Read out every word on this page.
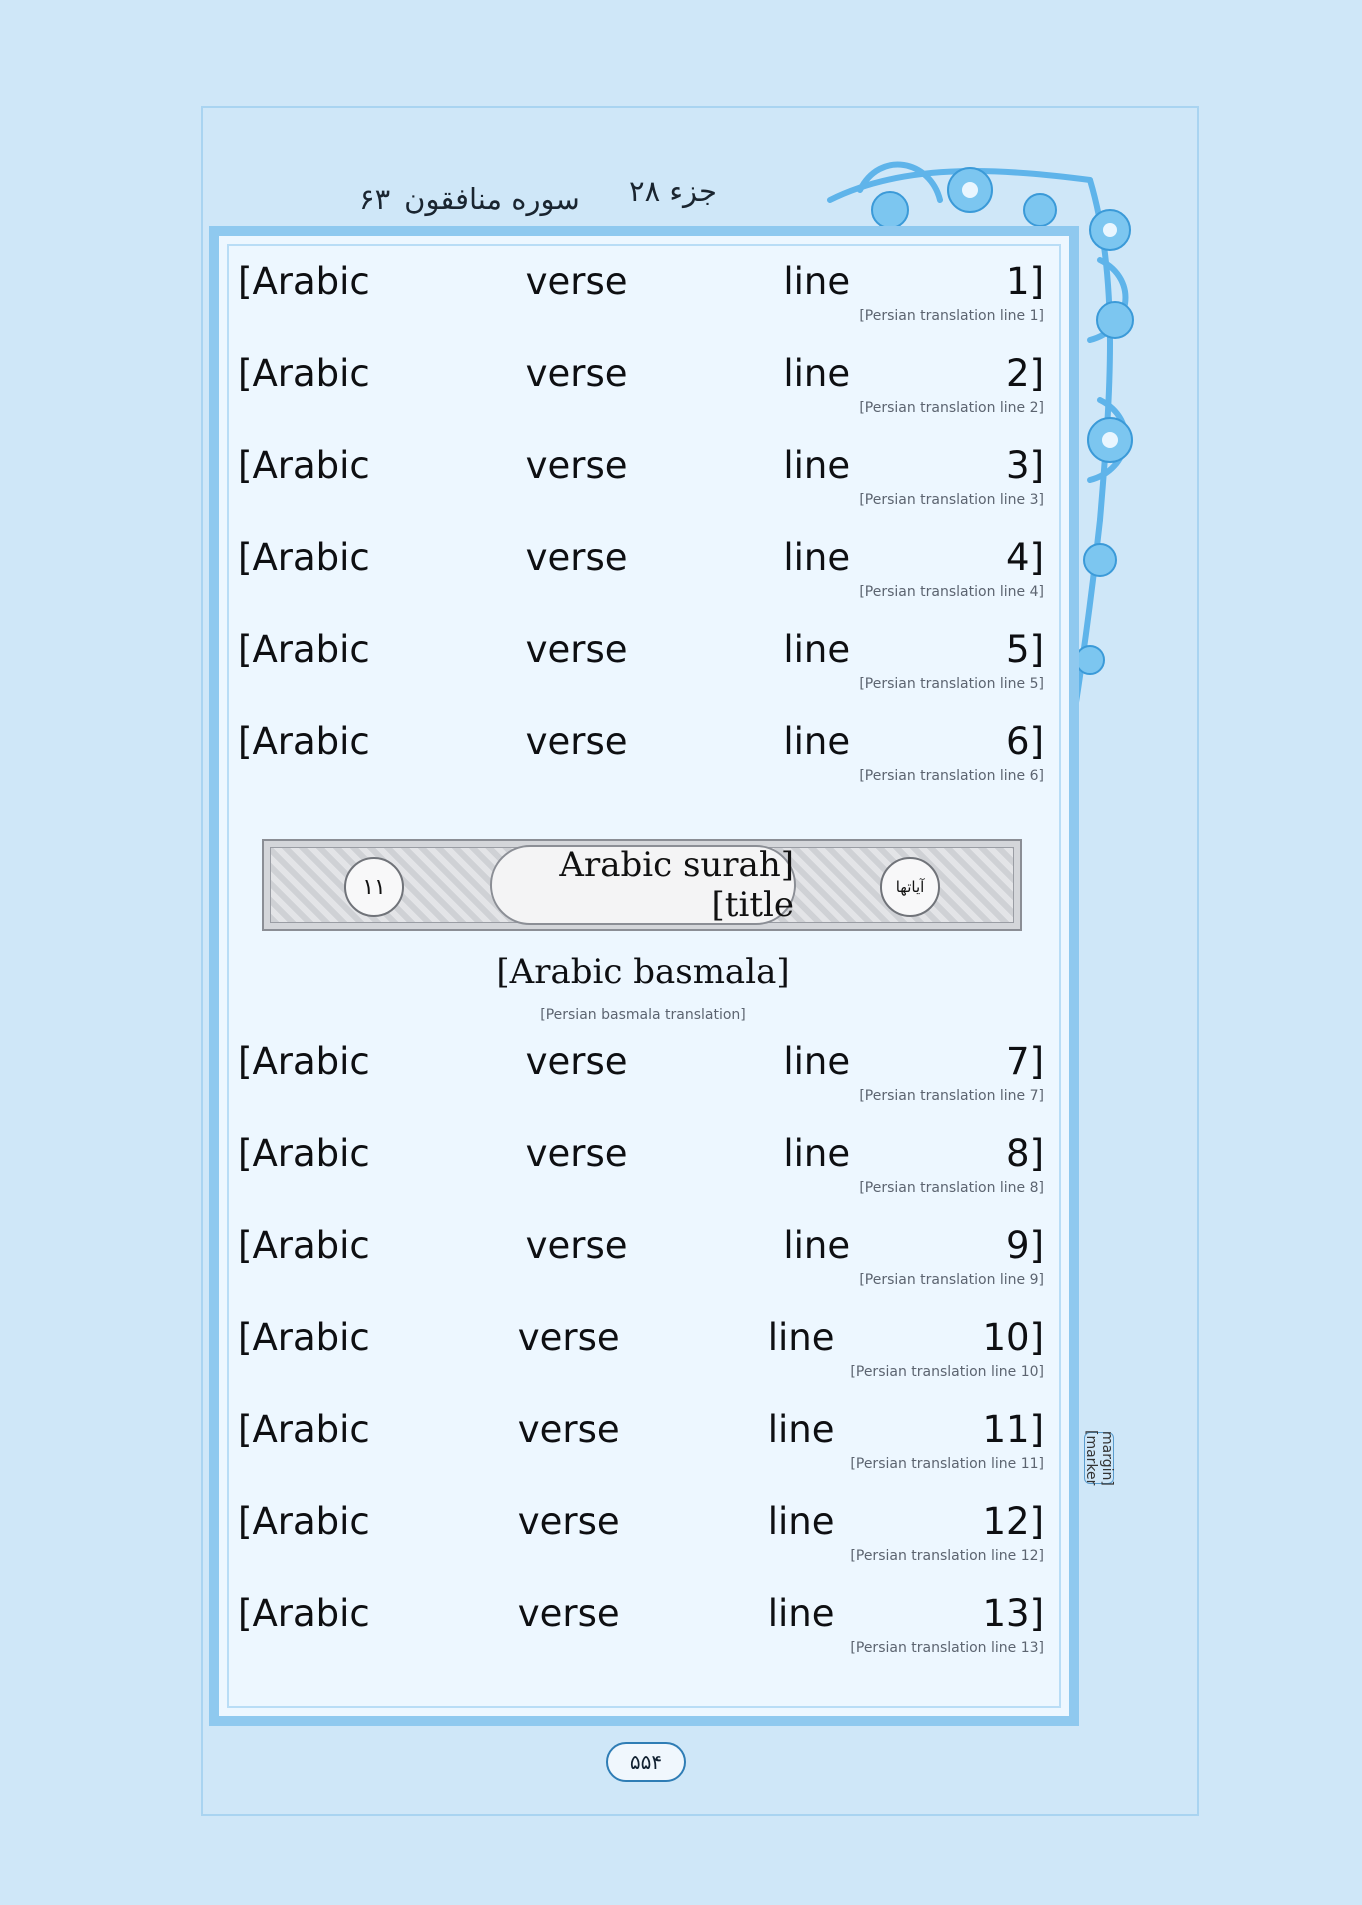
جزء ۲۸
سوره منافقون۶۳
[Arabic verse line 1]
[Persian translation line 1]
[Arabic verse line 2]
[Persian translation line 2]
[Arabic verse line 3]
[Persian translation line 3]
[Arabic verse line 4]
[Persian translation line 4]
[Arabic verse line 5]
[Persian translation line 5]
[Arabic verse line 6]
[Persian translation line 6]
آیاتها
[Arabic surah title]
۱۱
[Arabic basmala]
[Persian basmala translation]
[Arabic verse line 7]
[Persian translation line 7]
[Arabic verse line 8]
[Persian translation line 8]
[Arabic verse line 9]
[Persian translation line 9]
[Arabic verse line 10]
[Persian translation line 10]
[Arabic verse line 11]
[Persian translation line 11]
[Arabic verse line 12]
[Persian translation line 12]
[Arabic verse line 13]
[Persian translation line 13]
[margin marker]
۵۵۴
